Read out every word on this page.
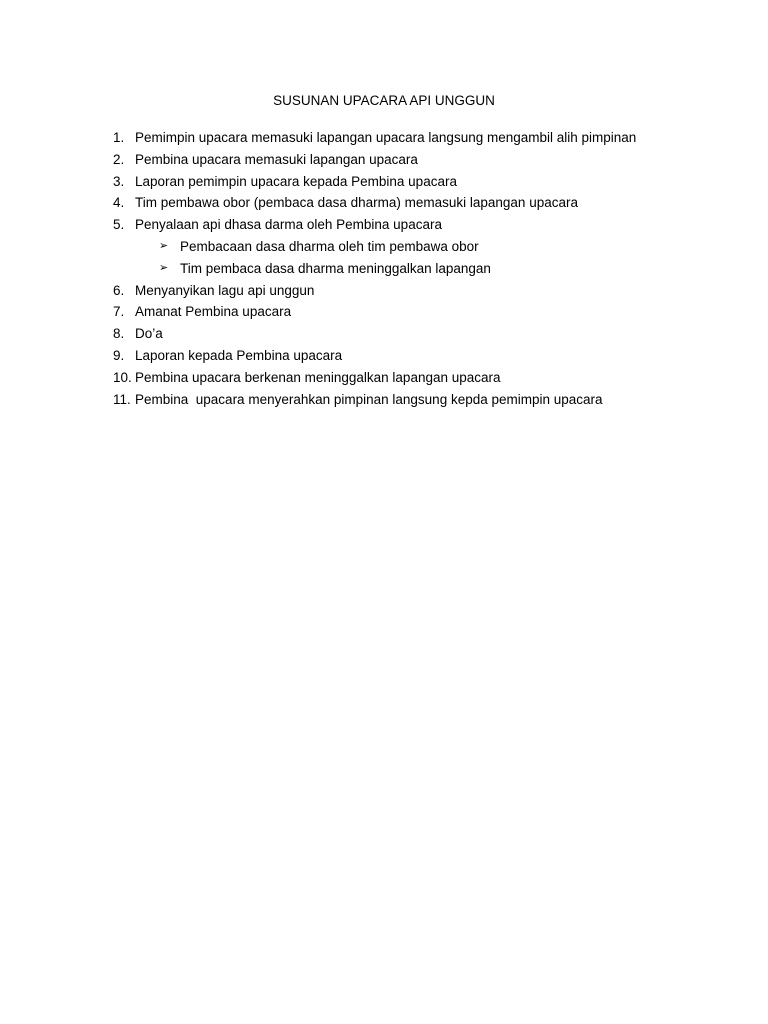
SUSUNAN UPACARA API UNGGUN
1. Pemimpin upacara memasuki lapangan upacara langsung mengambil alih pimpinan
2. Pembina upacara memasuki lapangan upacara
3. Laporan pemimpin upacara kepada Pembina upacara
4. Tim pembawa obor (pembaca dasa dharma) memasuki lapangan upacara
5. Penyalaan api dhasa darma oleh Pembina upacara
➢ Pembacaan dasa dharma oleh tim pembawa obor
➢ Tim pembaca dasa dharma meninggalkan lapangan
6. Menyanyikan lagu api unggun
7. Amanat Pembina upacara
8. Do’a
9. Laporan kepada Pembina upacara
10. Pembina upacara berkenan meninggalkan lapangan upacara
11. Pembina  upacara menyerahkan pimpinan langsung kepda pemimpin upacara
